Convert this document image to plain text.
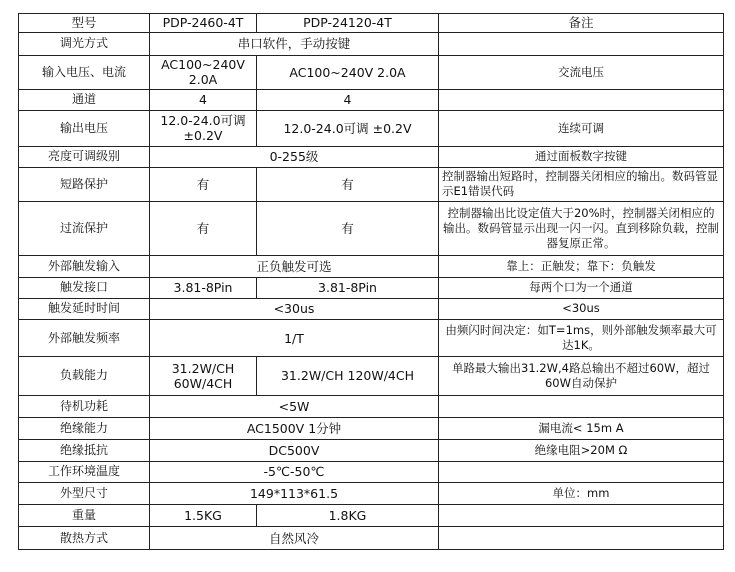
型号	PDP-2460-4T	PDP-24120-4T	备注
调光方式	串口软件，手动按键		
输入电压、电流	AC100~240V 2.0A	AC100~240V 2.0A	交流电压
通道	4	4	
输出电压	12.0-24.0可调 ±0.2V	12.0-24.0可调 ±0.2V	连续可调
亮度可调级别	0-255级		通过面板数字按键
短路保护	有	有	控制器输出短路时，控制器关闭相应的输出。数码管显示E1错误代码
过流保护	有	有	控制器输出比设定值大于20%时，控制器关闭相应的输出。数码管显示出现一闪一闪。直到移除负载，控制器复原正常。
外部触发输入	正负触发可选		靠上：正触发；靠下：负触发
触发接口	3.81-8Pin	3.81-8Pin	每两个口为一个通道
触发延时时间	<30us		<30us
外部触发频率	1/T		由频闪时间决定：如T=1ms，则外部触发频率最大可达1K。
负载能力	31.2W/CH 60W/4CH	31.2W/CH 120W/4CH	单路最大输出31.2W,4路总输出不超过60W，超过60W自动保护
待机功耗	<5W		
绝缘能力	AC1500V 1分钟		漏电流< 15m A
绝缘抵抗	DC500V		绝缘电阻>20M Ω
工作环境温度	-5℃-50℃		
外型尺寸	149*113*61.5		单位：mm
重量	1.5KG	1.8KG	
散热方式	自然风冷		
